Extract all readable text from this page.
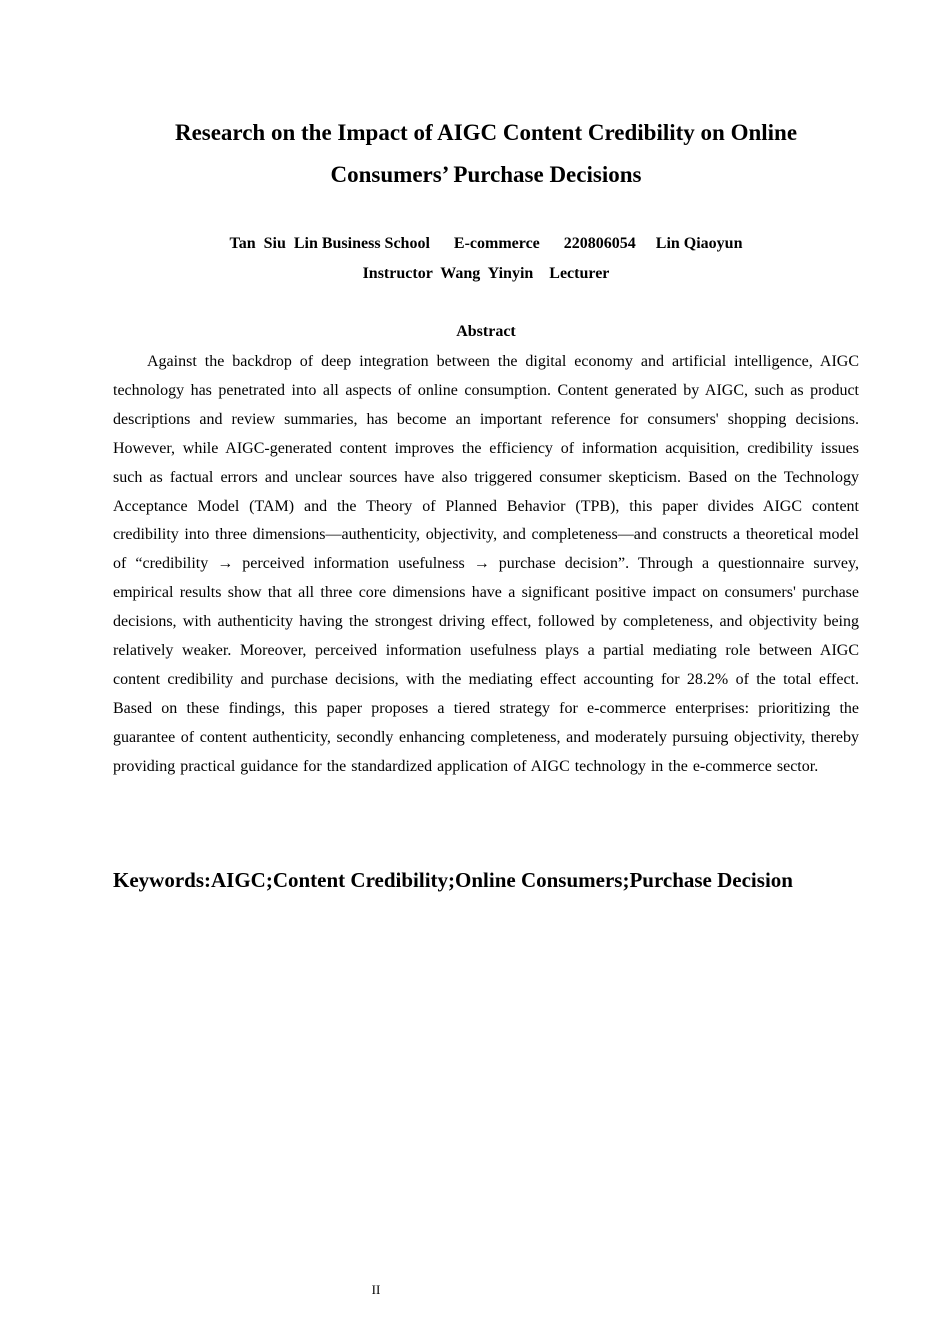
Research on the Impact of AIGC Content Credibility on Online
Consumers’ Purchase Decisions

Tan  Siu  Lin Business School      E-commerce      220806054     Lin Qiaoyun

Instructor  Wang  Yinyin    Lecturer

Abstract

Against the backdrop of deep integration between the digital economy and artificial intelligence, AIGC technology has penetrated into all aspects of online consumption. Content generated by AIGC, such as product descriptions and review summaries, has become an important reference for consumers' shopping decisions. However, while AIGC-generated content improves the efficiency of information acquisition, credibility issues such as factual errors and unclear sources have also triggered consumer skepticism. Based on the Technology Acceptance Model (TAM) and the Theory of Planned Behavior (TPB), this paper divides AIGC content credibility into three dimensions—authenticity, objectivity, and completeness—and constructs a theoretical model of “credibility → perceived information usefulness → purchase decision”. Through a questionnaire survey, empirical results show that all three core dimensions have a significant positive impact on consumers' purchase decisions, with authenticity having the strongest driving effect, followed by completeness, and objectivity being relatively weaker. Moreover, perceived information usefulness plays a partial mediating role between AIGC content credibility and purchase decisions, with the mediating effect accounting for 28.2% of the total effect. Based on these findings, this paper proposes a tiered strategy for e-commerce enterprises: prioritizing the guarantee of content authenticity, secondly enhancing completeness, and moderately pursuing objectivity, thereby providing practical guidance for the standardized application of AIGC technology in the e-commerce sector.

Keywords:AIGC;Content Credibility;Online Consumers;Purchase Decision

II
